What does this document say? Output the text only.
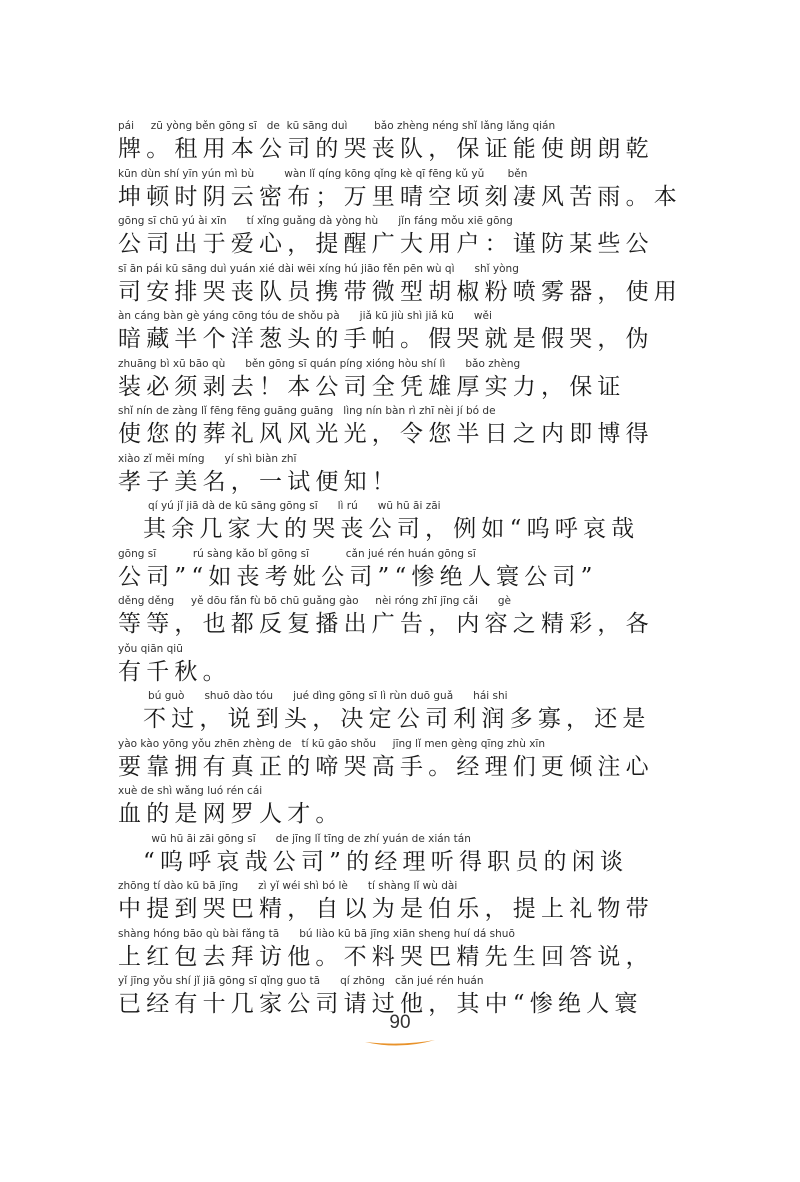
pái     zū yòng běn gōng sī   de  kū sāng duì        bǎo zhèng néng shǐ lǎng lǎng qián
牌。租用本公司的哭丧队，保证能使朗朗乾
kūn dùn shí yīn yún mì bù         wàn lǐ qíng kōng qǐng kè qī fēng kǔ yǔ       běn
坤顿时阴云密布；万里晴空顷刻凄风苦雨。本
gōng sī chū yú ài xīn      tí xǐng guǎng dà yòng hù      jǐn fáng mǒu xiē gōng
公司出于爱心，提醒广大用户：谨防某些公
sī ān pái kū sāng duì yuán xié dài wēi xíng hú jiāo fěn pēn wù qì      shǐ yòng
司安排哭丧队员携带微型胡椒粉喷雾器，使用
àn cáng bàn gè yáng cōng tóu de shǒu pà      jiǎ kū jiù shì jiǎ kū      wěi
暗藏半个洋葱头的手帕。假哭就是假哭，伪
zhuāng bì xū bāo qù      běn gōng sī quán píng xióng hòu shí lì      bǎo zhèng
装必须剥去！本公司全凭雄厚实力，保证
shǐ nín de zàng lǐ fēng fēng guāng guāng   lìng nín bàn rì zhī nèi jí bó de
使您的葬礼风风光光，令您半日之内即博得
xiào zǐ měi míng      yí shì biàn zhī
孝子美名，一试便知！
qí yú jǐ jiā dà de kū sāng gōng sī      lì rú      wū hū āi zāi
其余几家大的哭丧公司，例如“呜呼哀哉
gōng sī           rú sàng kǎo bǐ gōng sī           cǎn jué rén huán gōng sī
公司”“如丧考妣公司”“惨绝人寰公司”
děng děng     yě dōu fǎn fù bō chū guǎng gào     nèi róng zhī jīng cǎi      gè
等等，也都反复播出广告，内容之精彩，各
yǒu qiān qiū
有千秋。
bú guò      shuō dào tóu      jué dìng gōng sī lì rùn duō guǎ      hái shi
不过，说到头，决定公司利润多寡，还是
yào kào yōng yǒu zhēn zhèng de   tí kū gāo shǒu     jīng lǐ men gèng qīng zhù xīn
要靠拥有真正的啼哭高手。经理们更倾注心
xuè de shì wǎng luó rén cái
血的是网罗人才。
wū hū āi zāi gōng sī      de jīng lǐ tīng de zhí yuán de xián tán
“呜呼哀哉公司”的经理听得职员的闲谈
zhōng tí dào kū bā jīng      zì yǐ wéi shì bó lè      tí shàng lǐ wù dài
中提到哭巴精，自以为是伯乐，提上礼物带
shàng hóng bāo qù bài fǎng tā      bú liào kū bā jīng xiān sheng huí dá shuō
上红包去拜访他。不料哭巴精先生回答说，
yǐ jīng yǒu shí jǐ jiā gōng sī qǐng guo tā      qí zhōng   cǎn jué rén huán
已经有十几家公司请过他，其中“惨绝人寰
90
